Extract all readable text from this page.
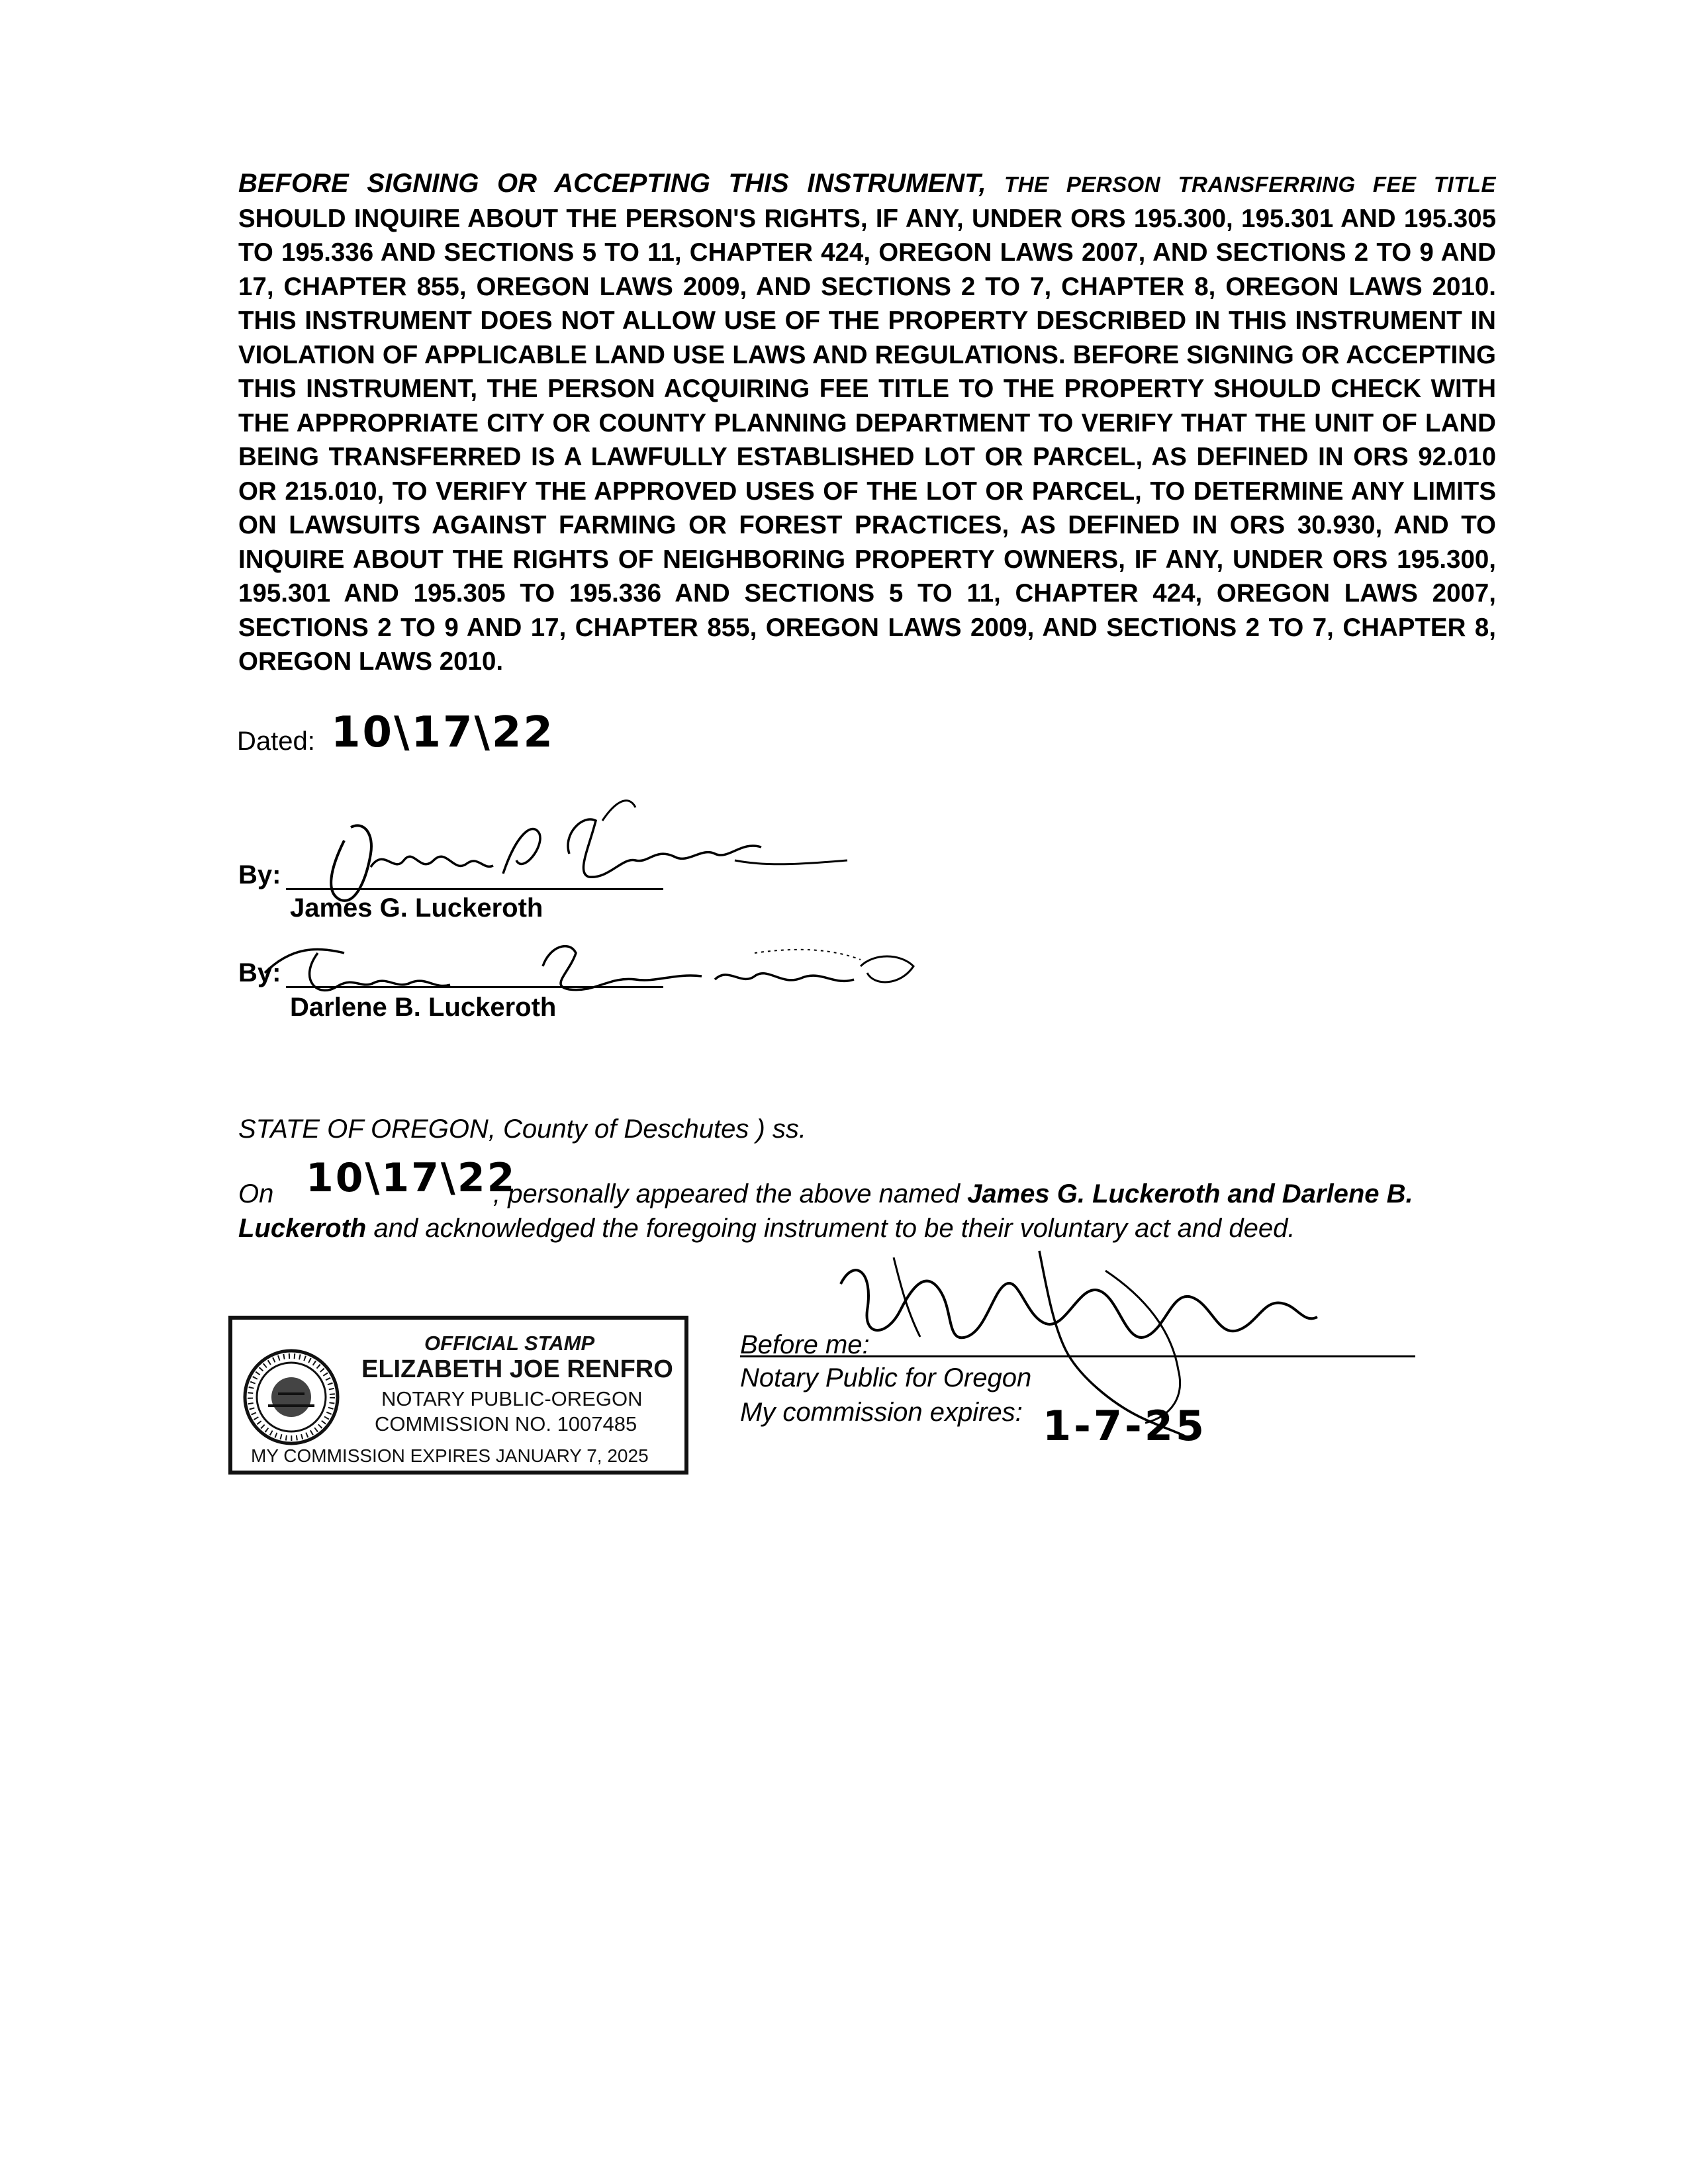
BEFORE SIGNING OR ACCEPTING THIS INSTRUMENT, THE PERSON TRANSFERRING FEE TITLE SHOULD INQUIRE ABOUT THE PERSON'S RIGHTS, IF ANY, UNDER ORS 195.300, 195.301 AND 195.305 TO 195.336 AND SECTIONS 5 TO 11, CHAPTER 424, OREGON LAWS 2007, AND SECTIONS 2 TO 9 AND 17, CHAPTER 855, OREGON LAWS 2009, AND SECTIONS 2 TO 7, CHAPTER 8, OREGON LAWS 2010. THIS INSTRUMENT DOES NOT ALLOW USE OF THE PROPERTY DESCRIBED IN THIS INSTRUMENT IN VIOLATION OF APPLICABLE LAND USE LAWS AND REGULATIONS. BEFORE SIGNING OR ACCEPTING THIS INSTRUMENT, THE PERSON ACQUIRING FEE TITLE TO THE PROPERTY SHOULD CHECK WITH THE APPROPRIATE CITY OR COUNTY PLANNING DEPARTMENT TO VERIFY THAT THE UNIT OF LAND BEING TRANSFERRED IS A LAWFULLY ESTABLISHED LOT OR PARCEL, AS DEFINED IN ORS 92.010 OR 215.010, TO VERIFY THE APPROVED USES OF THE LOT OR PARCEL, TO DETERMINE ANY LIMITS ON LAWSUITS AGAINST FARMING OR FOREST PRACTICES, AS DEFINED IN ORS 30.930, AND TO INQUIRE ABOUT THE RIGHTS OF NEIGHBORING PROPERTY OWNERS, IF ANY, UNDER ORS 195.300, 195.301 AND 195.305 TO 195.336 AND SECTIONS 5 TO 11, CHAPTER 424, OREGON LAWS 2007, SECTIONS 2 TO 9 AND 17, CHAPTER 855, OREGON LAWS 2009, AND SECTIONS 2 TO 7, CHAPTER 8, OREGON LAWS 2010.
Dated: 10\17\22
By:
James G. Luckeroth
By:
Darlene B. Luckeroth
STATE OF OREGON, County of Deschutes ) ss.
On	, personally appeared the above named James G. Luckeroth and Darlene B. Luckeroth and acknowledged the foregoing instrument to be their voluntary act and deed.
10\17\22
OFFICIAL STAMP
ELIZABETH JOE RENFRO
NOTARY PUBLIC-OREGON
COMMISSION NO. 1007485
MY COMMISSION EXPIRES JANUARY 7, 2025
Before me:
Notary Public for Oregon
My commission expires: 1-7-25
